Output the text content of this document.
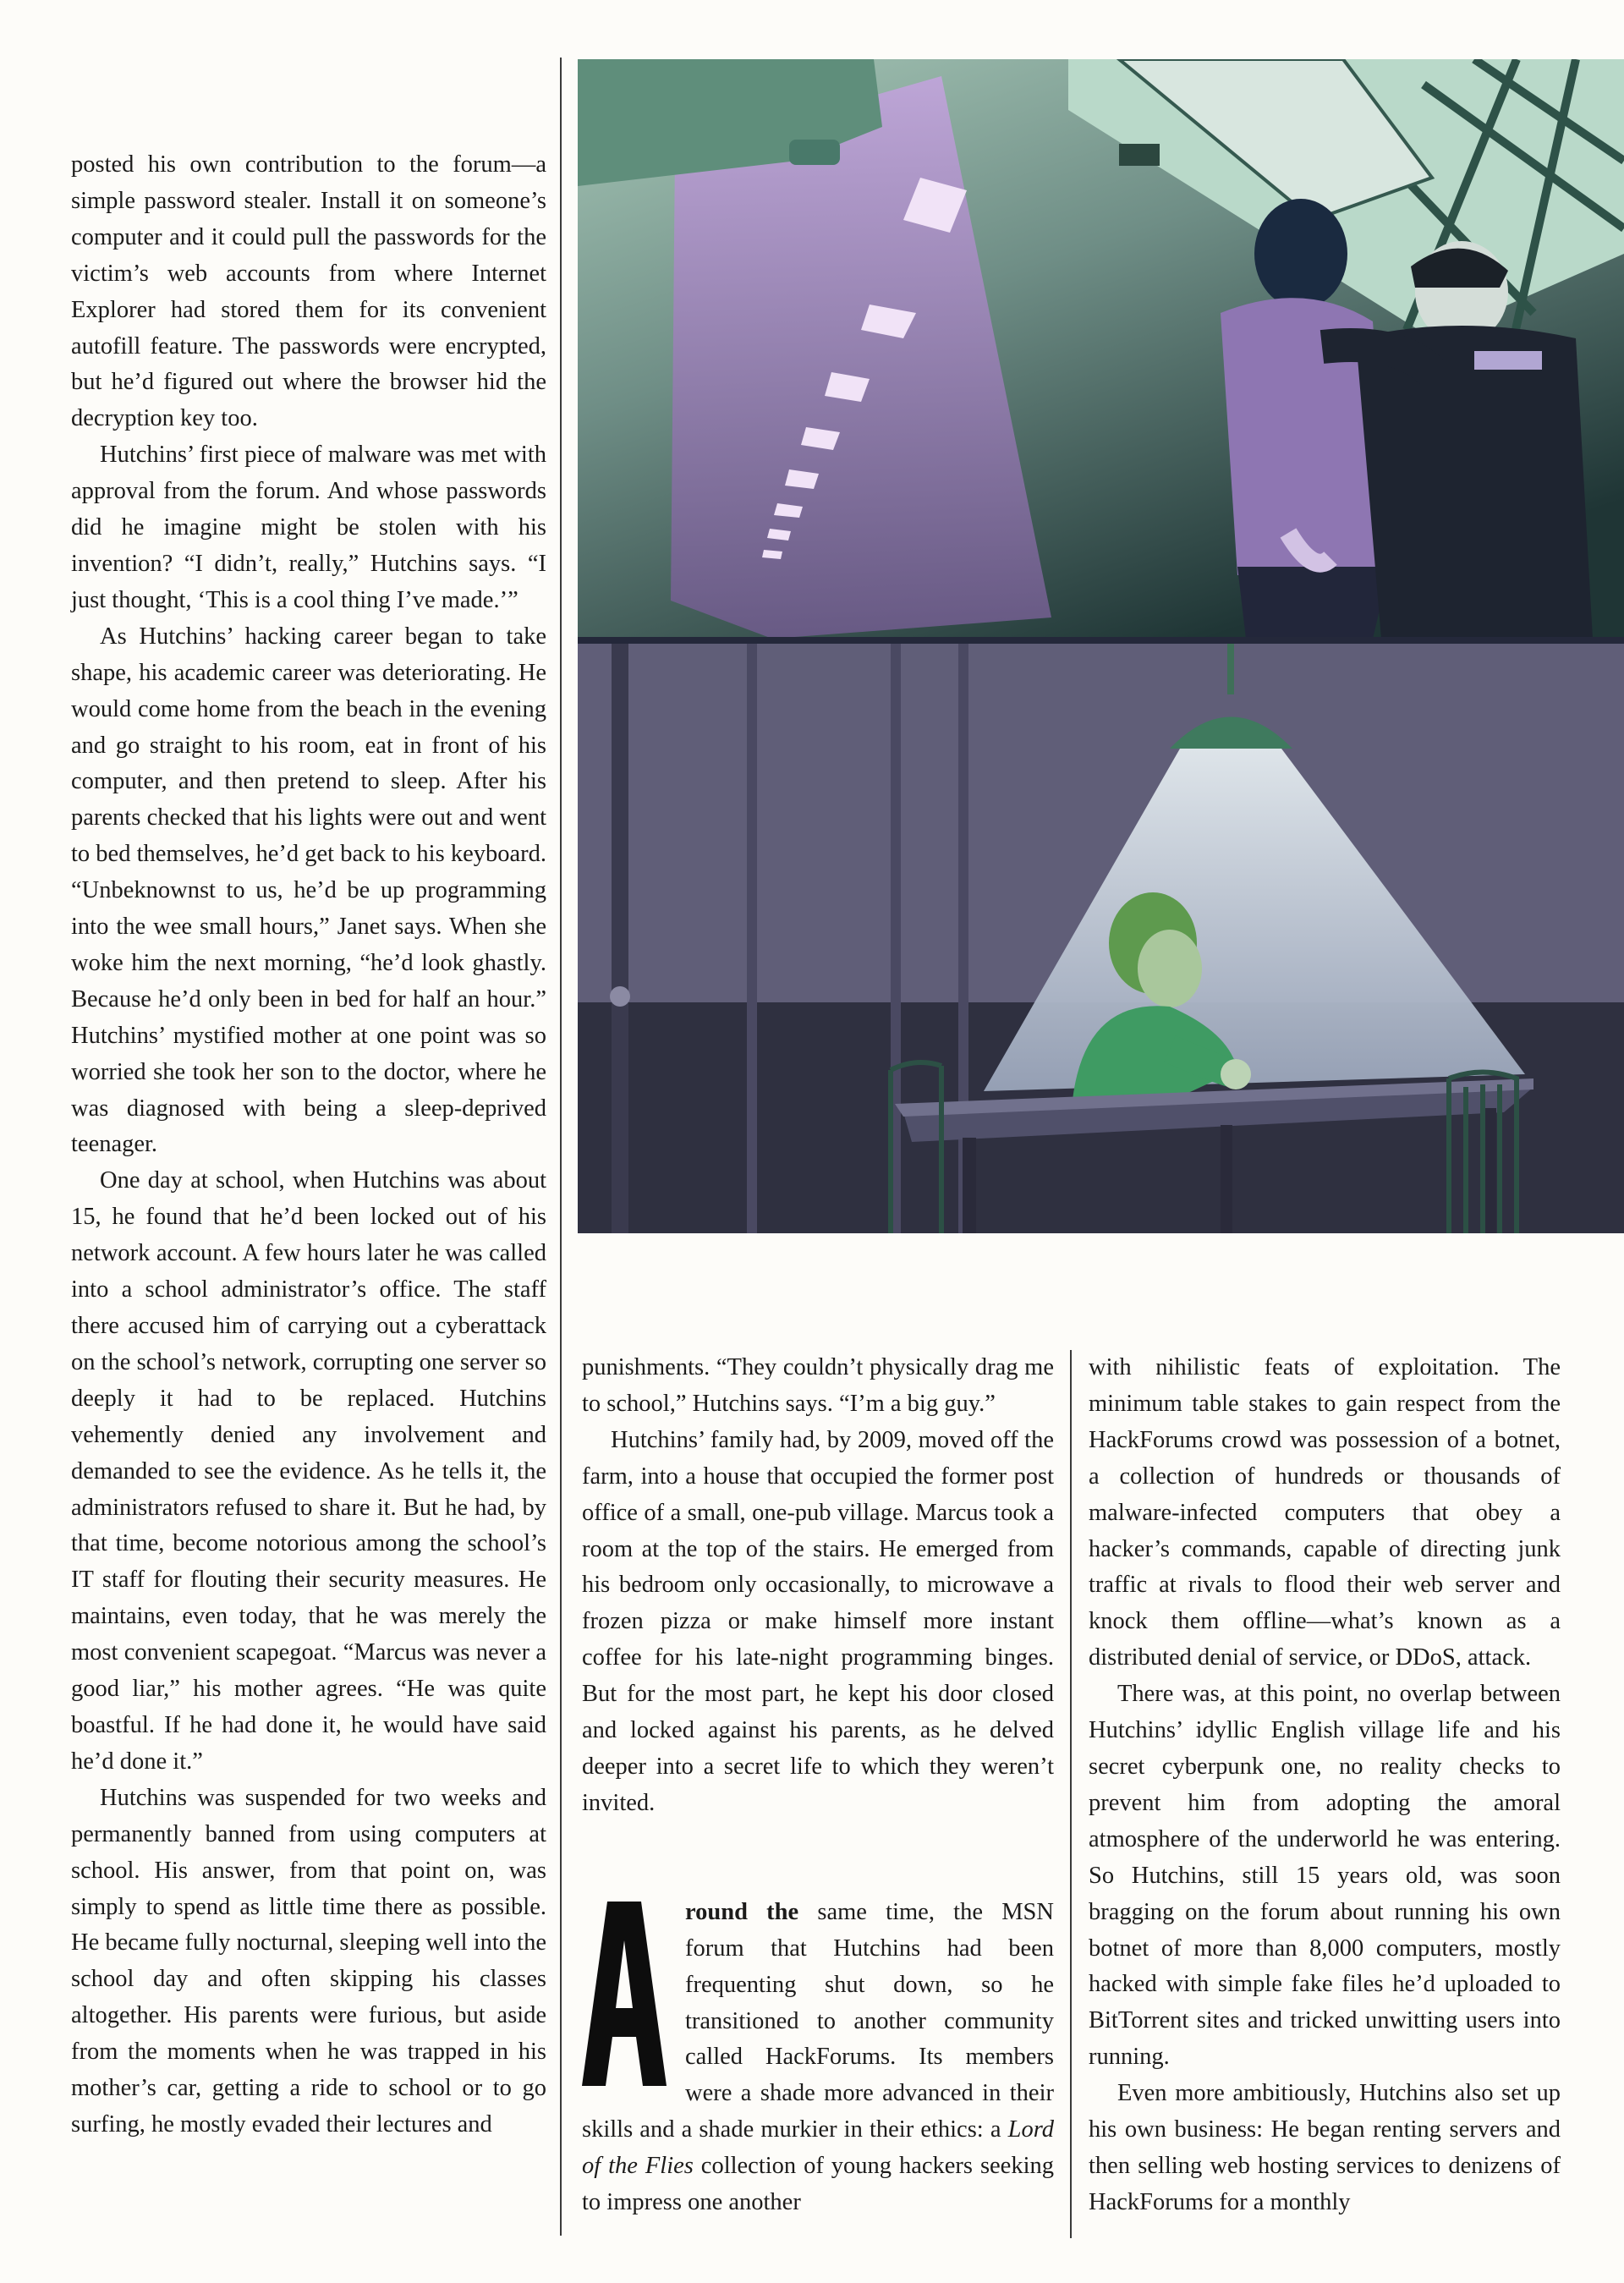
posted his own contribution to the forum—a simple password stealer. Install it on someone’s computer and it could pull the passwords for the victim’s web accounts from where Internet Explorer had stored them for its convenient autofill feature. The passwords were encrypted, but he’d figured out where the browser hid the decryption key too.

Hutchins’ first piece of malware was met with approval from the forum. And whose passwords did he imagine might be stolen with his invention? “I didn’t, really,” Hutchins says. “I just thought, ‘This is a cool thing I’ve made.’”

As Hutchins’ hacking career began to take shape, his academic career was deteriorating. He would come home from the beach in the evening and go straight to his room, eat in front of his computer, and then pretend to sleep. After his parents checked that his lights were out and went to bed themselves, he’d get back to his keyboard. “Unbeknownst to us, he’d be up programming into the wee small hours,” Janet says. When she woke him the next morning, “he’d look ghastly. Because he’d only been in bed for half an hour.” Hutchins’ mystified mother at one point was so worried she took her son to the doctor, where he was diagnosed with being a sleep-deprived teenager.

One day at school, when Hutchins was about 15, he found that he’d been locked out of his network account. A few hours later he was called into a school administrator’s office. The staff there accused him of carrying out a cyberattack on the school’s network, corrupting one server so deeply it had to be replaced. Hutchins vehemently denied any involvement and demanded to see the evidence. As he tells it, the administrators refused to share it. But he had, by that time, become notorious among the school’s IT staff for flouting their security measures. He maintains, even today, that he was merely the most convenient scapegoat. “Marcus was never a good liar,” his mother agrees. “He was quite boastful. If he had done it, he would have said he’d done it.”

Hutchins was suspended for two weeks and permanently banned from using computers at school. His answer, from that point on, was simply to spend as little time there as possible. He became fully nocturnal, sleeping well into the school day and often skipping his classes altogether. His parents were furious, but aside from the moments when he was trapped in his mother’s car, getting a ride to school or to go surfing, he mostly evaded their lectures and

punishments. “They couldn’t physically drag me to school,” Hutchins says. “I’m a big guy.”

Hutchins’ family had, by 2009, moved off the farm, into a house that occupied the former post office of a small, one-pub village. Marcus took a room at the top of the stairs. He emerged from his bedroom only occasionally, to microwave a frozen pizza or make himself more instant coffee for his late-night programming binges. But for the most part, he kept his door closed and locked against his parents, as he delved deeper into a secret life to which they weren’t invited.

A
round the same time, the MSN forum that Hutchins had been frequenting shut down, so he transitioned to another community called HackForums. Its members were a shade more advanced in their skills and a shade murkier in their ethics: a Lord of the Flies collection of young hackers seeking to impress one another

with nihilistic feats of exploitation. The minimum table stakes to gain respect from the HackForums crowd was possession of a botnet, a collection of hundreds or thousands of malware-infected computers that obey a hacker’s commands, capable of directing junk traffic at rivals to flood their web server and knock them offline—what’s known as a distributed denial of service, or DDoS, attack.

There was, at this point, no overlap between Hutchins’ idyllic English village life and his secret cyberpunk one, no reality checks to prevent him from adopting the amoral atmosphere of the underworld he was entering. So Hutchins, still 15 years old, was soon bragging on the forum about running his own botnet of more than 8,000 computers, mostly hacked with simple fake files he’d uploaded to BitTorrent sites and tricked unwitting users into running.

Even more ambitiously, Hutchins also set up his own business: He began renting servers and then selling web hosting services to denizens of HackForums for a monthly
